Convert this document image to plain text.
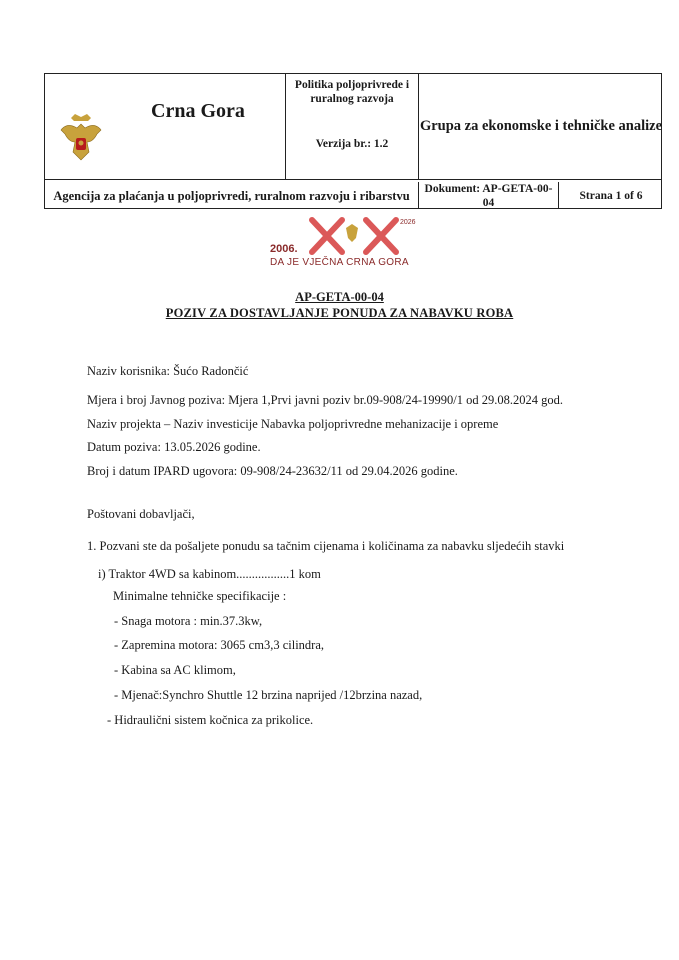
Crna Gora
Politika poljoprivrede i ruralnog razvoja
Verzija br.: 1.2
Grupa za ekonomske i tehničke analize
Agencija za plaćanja u poljoprivredi, ruralnom razvoju i ribarstvu	Dokument: AP-GETA-00-04
Strana 1 of 6
2006.
2026
DA JE VJEČNA CRNA GORA
AP-GETA-00-04
POZIV ZA DOSTAVLJANJE PONUDA ZA NABAVKU ROBA
Naziv korisnika: Šućo Radončić
Mjera i broj Javnog poziva: Mjera 1,Prvi javni poziv br.09-908/24-19990/1 od 29.08.2024 god.
Naziv projekta – Naziv investicije Nabavka poljoprivredne mehanizacije i opreme
Datum poziva: 13.05.2026 godine.
Broj i datum IPARD ugovora: 09-908/24-23632/11 od 29.04.2026 godine.
Poštovani dobavljači,
1. Pozvani ste da pošaljete ponudu sa tačnim cijenama i količinama za nabavku sljedećih stavki
i) Traktor 4WD sa kabinom.................1 kom
Minimalne tehničke specifikacije :
- Snaga motora : min.37.3kw,
- Zapremina motora: 3065 cm3,3 cilindra,
- Kabina sa AC klimom,
- Mjenač:Synchro Shuttle 12 brzina naprijed /12brzina nazad,
- Hidraulični sistem kočnica za prikolice.
